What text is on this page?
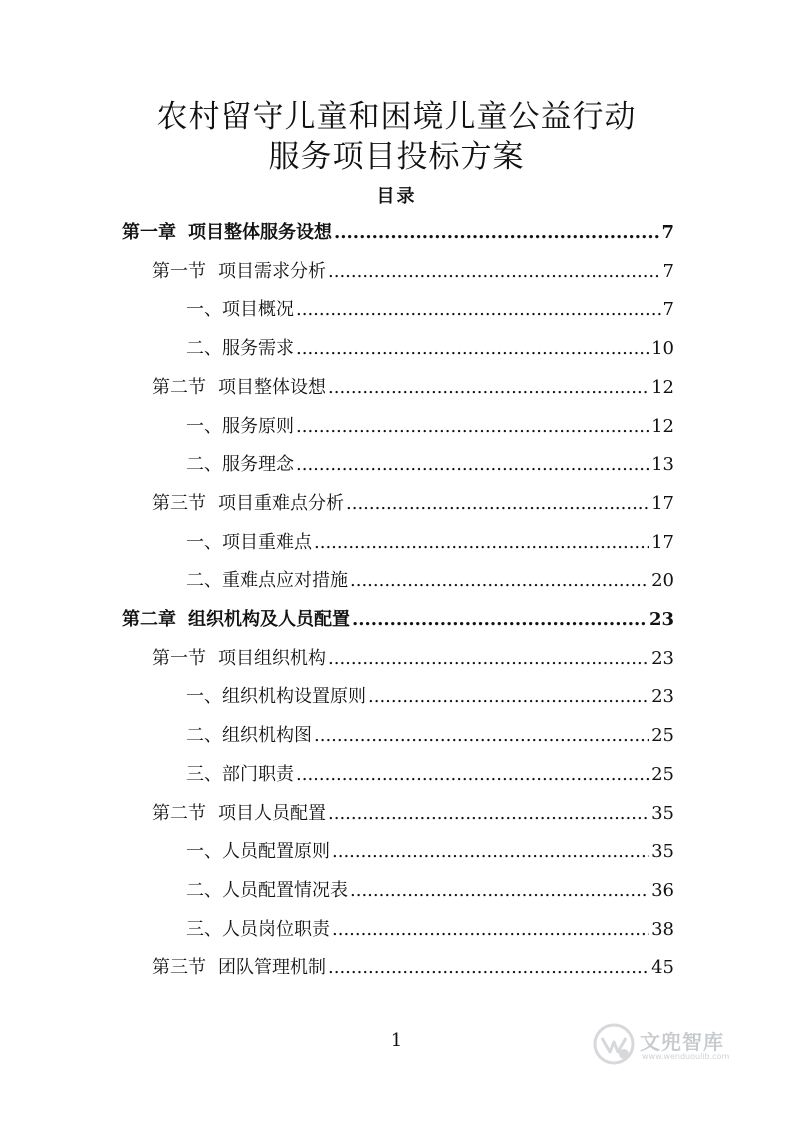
农村留守儿童和困境儿童公益行动
服务项目投标方案
目录
第一章 项目整体服务设想 .....	7
第一节 项目需求分析 .....	7
一、 项目概况 .....	7
二、 服务需求 .....	10
第二节 项目整体设想 .....	12
一、 服务原则 .....	12
二、 服务理念 .....	13
第三节 项目重难点分析 .....	17
一、 项目重难点 .....	17
二、 重难点应对措施 .....	20
第二章 组织机构及人员配置 .....	23
第一节 项目组织机构 .....	23
一、 组织机构设置原则 .....	23
二、 组织机构图 .....	25
三、 部门职责 .....	25
第二节 项目人员配置 .....	35
一、 人员配置原则 .....	35
二、 人员配置情况表 .....	36
三、 人员岗位职责 .....	38
第三节 团队管理机制 .....	45
1	文兜智库
www.wenduoulib.com
